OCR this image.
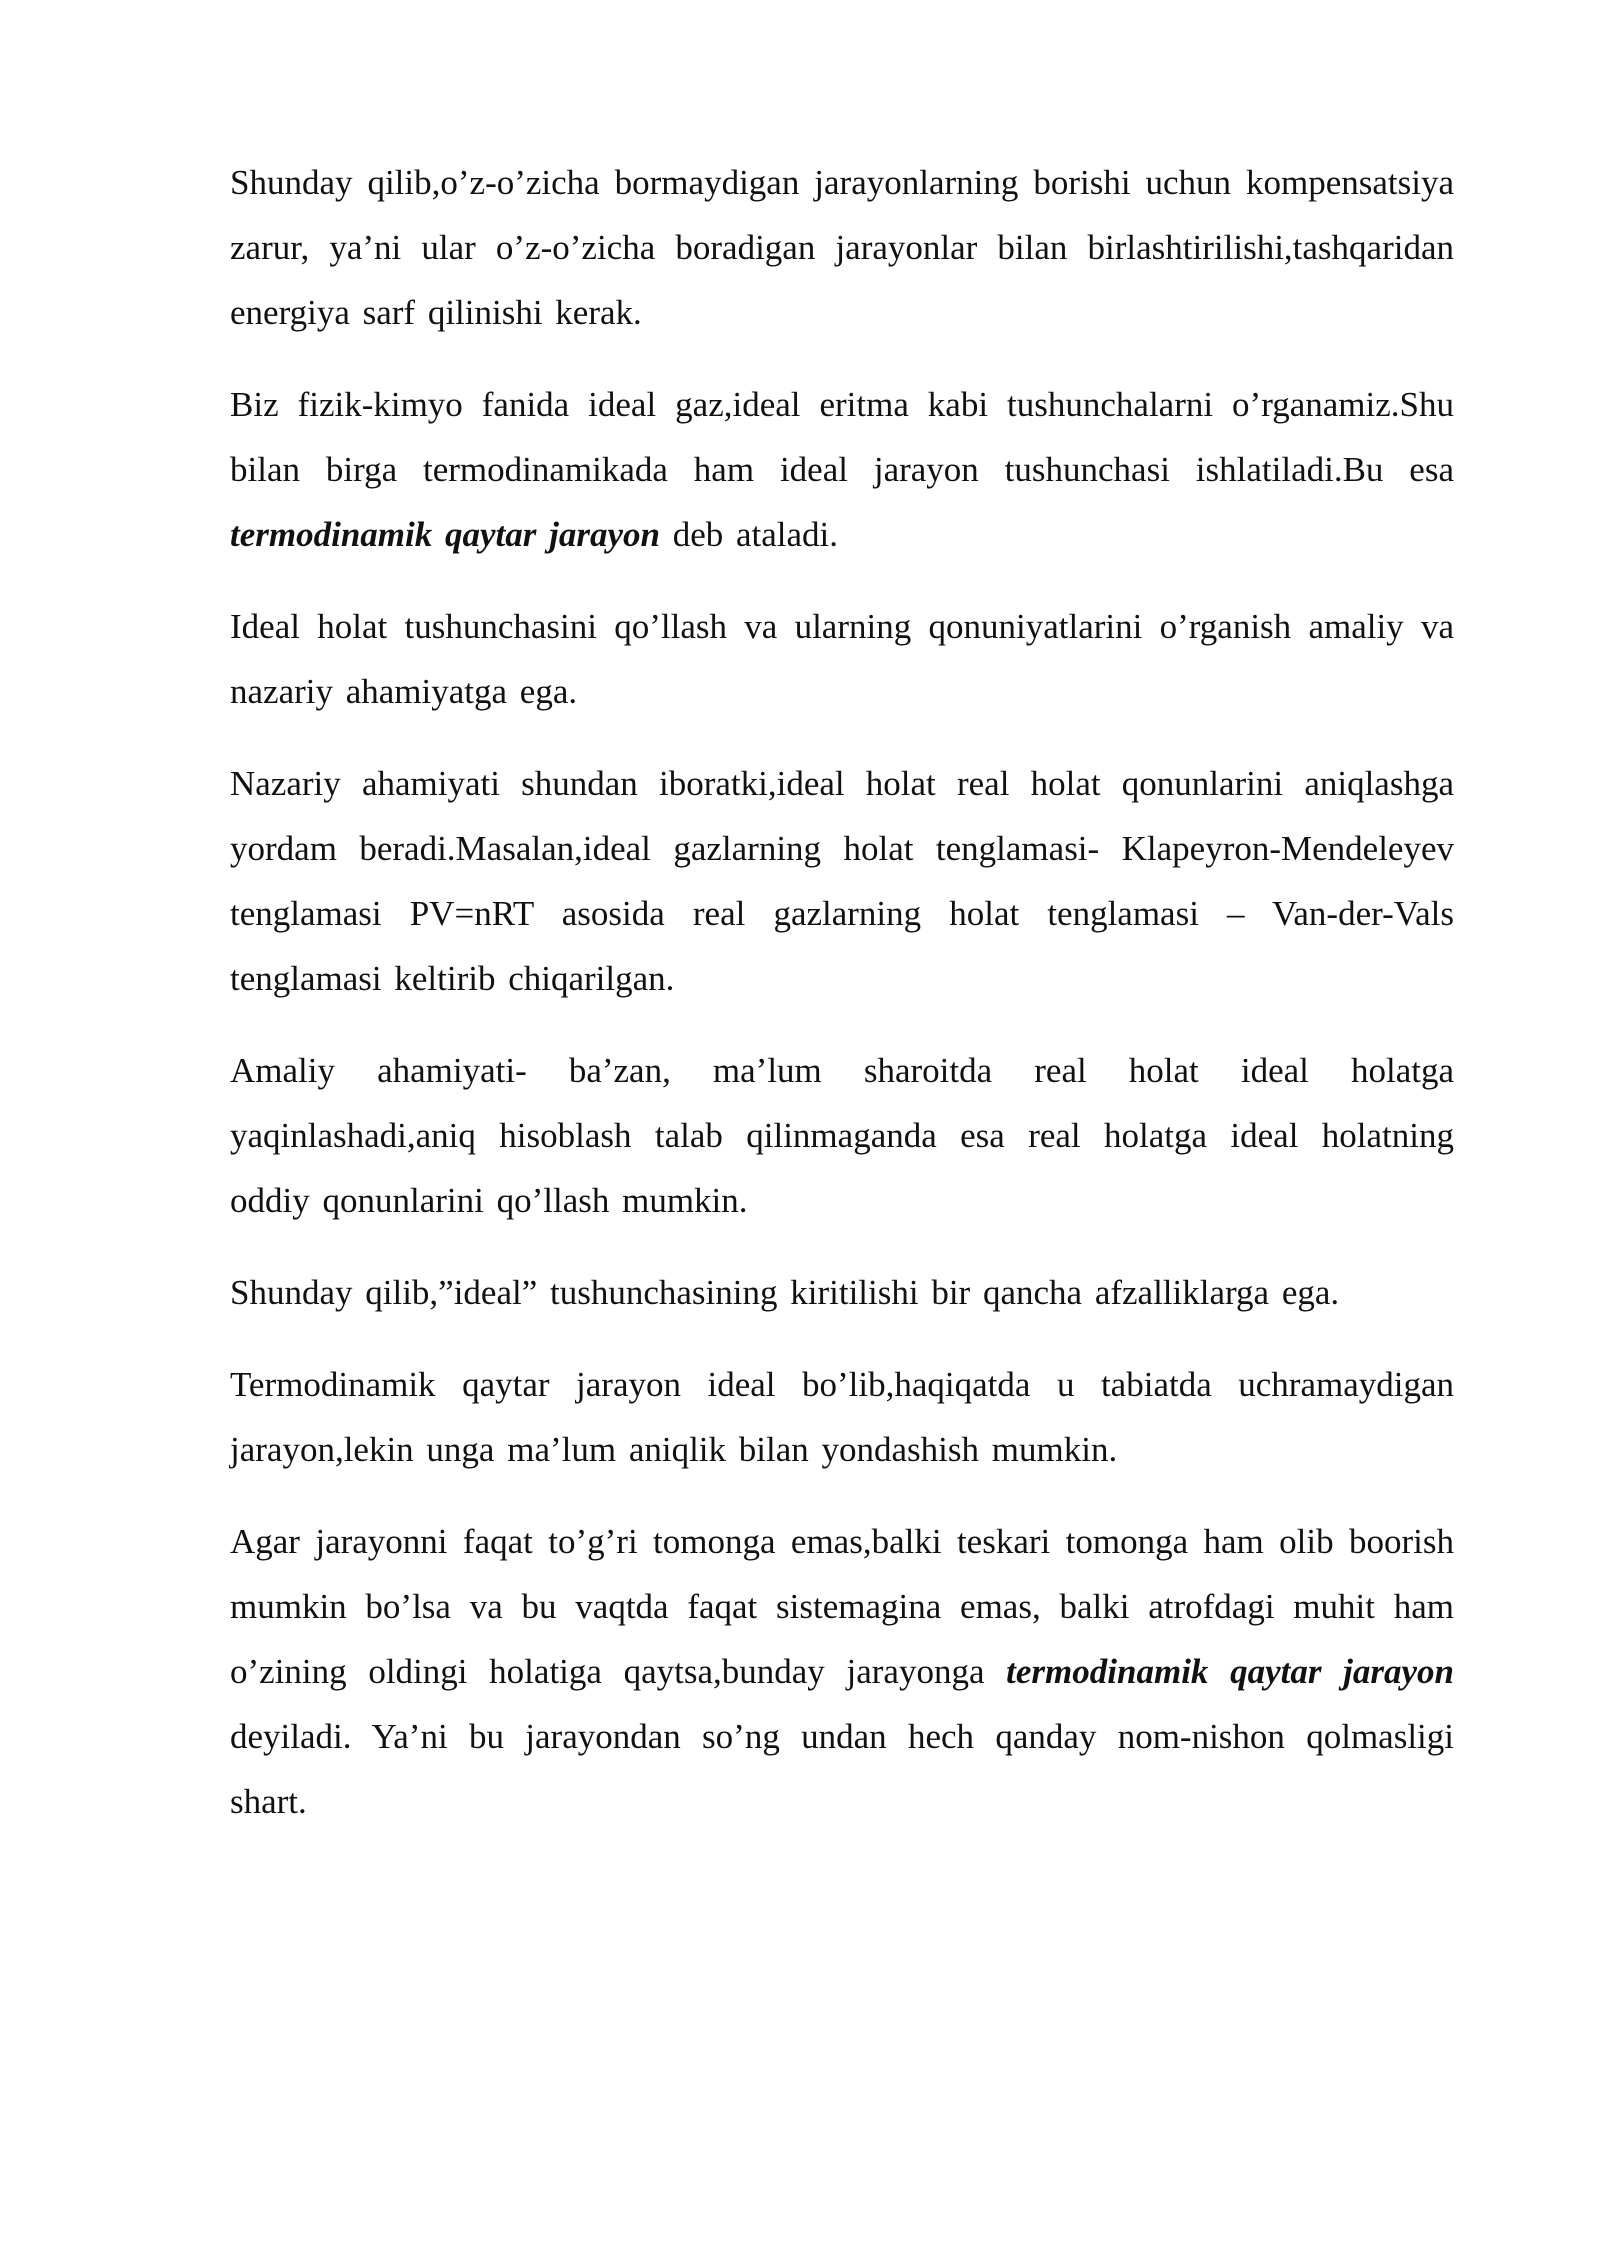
Shunday qilib,o’z-o’zicha bormaydigan jarayonlarning borishi uchun kompensatsiya zarur, ya’ni ular o’z-o’zicha boradigan jarayonlar bilan birlashtirilishi,tashqaridan energiya sarf qilinishi kerak.

Biz fizik-kimyo fanida ideal gaz,ideal eritma kabi tushunchalarni o’rganamiz.Shu bilan birga termodinamikada ham ideal jarayon tushunchasi ishlatiladi.Bu esa termodinamik qaytar jarayon deb ataladi.

Ideal holat tushunchasini qo’llash va ularning qonuniyatlarini o’rganish amaliy va nazariy ahamiyatga ega.

Nazariy ahamiyati shundan iboratki,ideal holat real holat qonunlarini aniqlashga yordam beradi.Masalan,ideal gazlarning holat tenglamasi- Klapeyron-Mendeleyev tenglamasi PV=nRT asosida real gazlarning holat tenglamasi – Van-der-Vals tenglamasi keltirib chiqarilgan.

Amaliy ahamiyati- ba’zan, ma’lum sharoitda real holat ideal holatga yaqinlashadi,aniq hisoblash talab qilinmaganda esa real holatga ideal holatning oddiy qonunlarini qo’llash mumkin.

Shunday qilib,”ideal” tushunchasining kiritilishi bir qancha afzalliklarga ega.

Termodinamik qaytar jarayon ideal bo’lib,haqiqatda u tabiatda uchramaydigan jarayon,lekin unga ma’lum aniqlik bilan yondashish mumkin.

Agar jarayonni faqat to’g’ri tomonga emas,balki teskari tomonga ham olib boorish mumkin bo’lsa va bu vaqtda faqat sistemagina emas, balki atrofdagi muhit ham o’zining oldingi holatiga qaytsa,bunday jarayonga termodinamik qaytar jarayon deyiladi. Ya’ni bu jarayondan so’ng undan hech qanday nom-nishon qolmasligi shart.
